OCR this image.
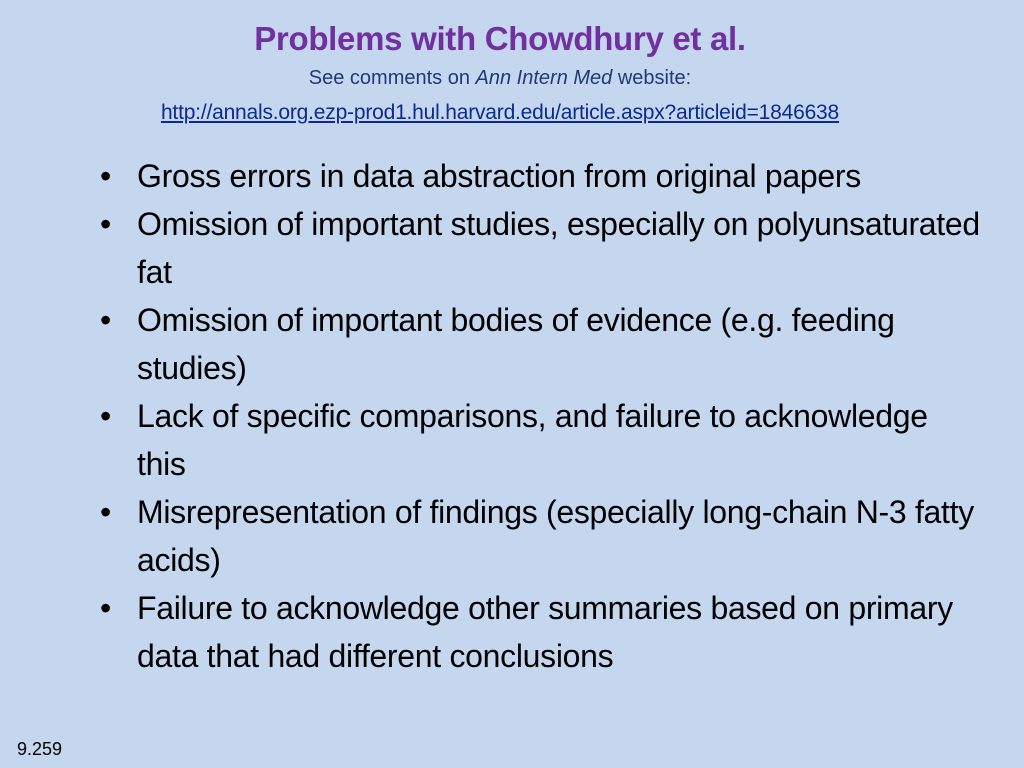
Problems with Chowdhury et al.
See comments on Ann Intern Med website:
http://annals.org.ezp-prod1.hul.harvard.edu/article.aspx?articleid=1846638
• Gross errors in data abstraction from original papers
• Omission of important studies, especially on polyunsaturated fat
• Omission of important bodies of evidence (e.g. feeding studies)
• Lack of specific comparisons, and failure to acknowledge this
• Misrepresentation of findings (especially long-chain N-3 fatty acids)
• Failure to acknowledge other summaries based on primary data that had different conclusions
9.259
